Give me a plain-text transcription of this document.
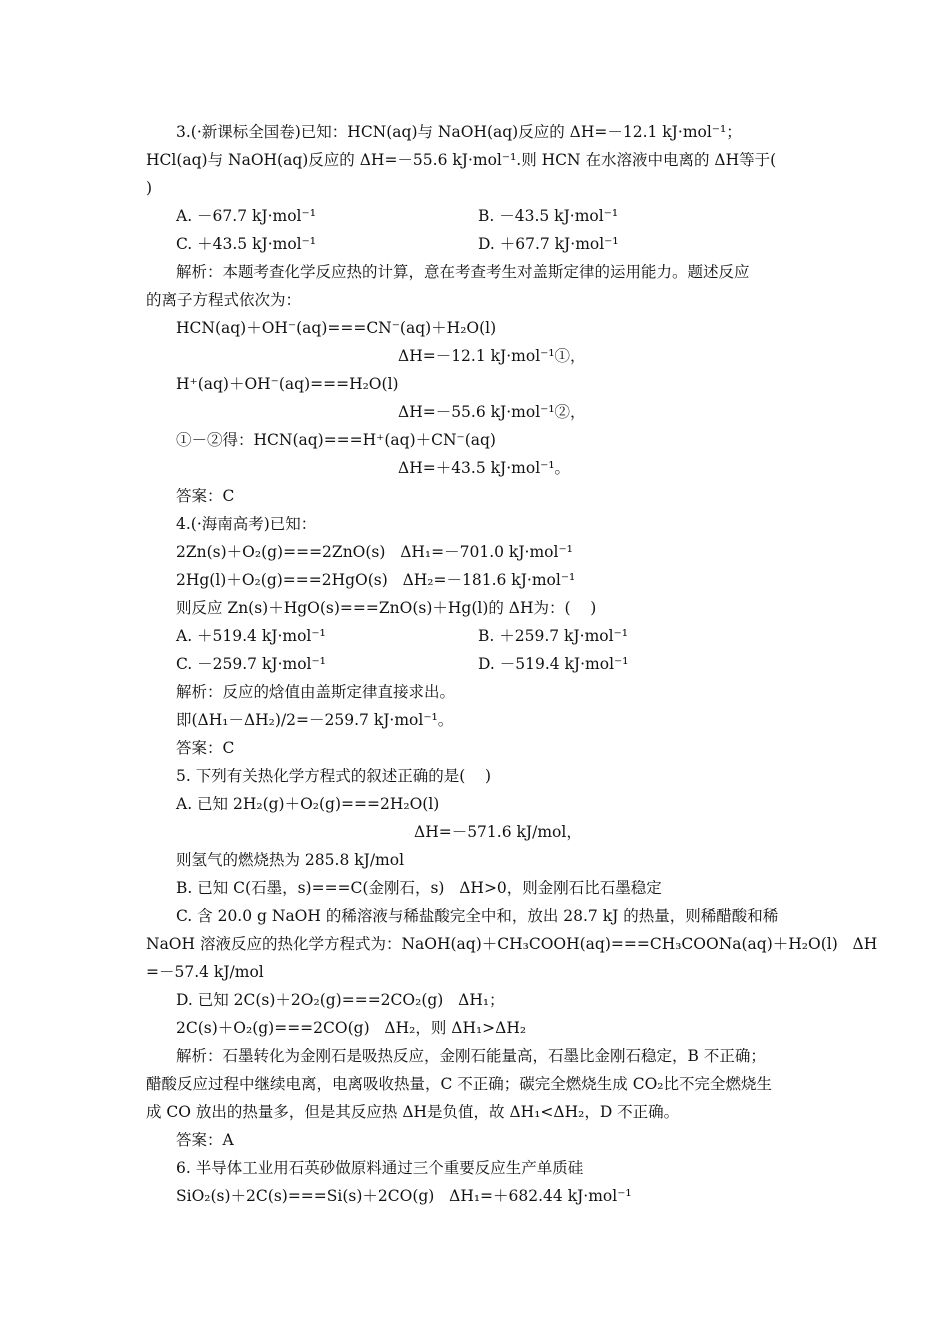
3.(·新课标全国卷)已知：HCN(aq)与 NaOH(aq)反应的 ΔH=－12.1 kJ·mol⁻¹；
HCl(aq)与 NaOH(aq)反应的 ΔH=－55.6 kJ·mol⁻¹.则 HCN 在水溶液中电离的 ΔH等于(
)
A. －67.7 kJ·mol⁻¹	B. －43.5 kJ·mol⁻¹
C. ＋43.5 kJ·mol⁻¹	D. ＋67.7 kJ·mol⁻¹
解析：本题考查化学反应热的计算，意在考查考生对盖斯定律的运用能力。题述反应
的离子方程式依次为：
HCN(aq)＋OH⁻(aq)===CN⁻(aq)＋H₂O(l)
ΔH=－12.1 kJ·mol⁻¹①，
H⁺(aq)＋OH⁻(aq)===H₂O(l)
ΔH=－55.6 kJ·mol⁻¹②，
①－②得：HCN(aq)===H⁺(aq)＋CN⁻(aq)
ΔH=＋43.5 kJ·mol⁻¹。
答案：C
4.(·海南高考)已知：
2Zn(s)＋O₂(g)===2ZnO(s)   ΔH₁=－701.0 kJ·mol⁻¹
2Hg(l)＋O₂(g)===2HgO(s)   ΔH₂=－181.6 kJ·mol⁻¹
则反应 Zn(s)＋HgO(s)===ZnO(s)＋Hg(l)的 ΔH为：(    )
A. ＋519.4 kJ·mol⁻¹	B. ＋259.7 kJ·mol⁻¹
C. －259.7 kJ·mol⁻¹	D. －519.4 kJ·mol⁻¹
解析：反应的焓值由盖斯定律直接求出。
即(ΔH₁－ΔH₂)/2=－259.7 kJ·mol⁻¹。
答案：C
5. 下列有关热化学方程式的叙述正确的是(    )
A. 已知 2H₂(g)＋O₂(g)===2H₂O(l)
ΔH=－571.6 kJ/mol，
则氢气的燃烧热为 285.8 kJ/mol
B. 已知 C(石墨，s)===C(金刚石，s)   ΔH>0，则金刚石比石墨稳定
C. 含 20.0 g NaOH 的稀溶液与稀盐酸完全中和，放出 28.7 kJ 的热量，则稀醋酸和稀
NaOH 溶液反应的热化学方程式为：NaOH(aq)＋CH₃COOH(aq)===CH₃COONa(aq)＋H₂O(l)   ΔH
=－57.4 kJ/mol
D. 已知 2C(s)＋2O₂(g)===2CO₂(g)   ΔH₁；
2C(s)＋O₂(g)===2CO(g)   ΔH₂，则 ΔH₁>ΔH₂
解析：石墨转化为金刚石是吸热反应，金刚石能量高，石墨比金刚石稳定，B 不正确；
醋酸反应过程中继续电离，电离吸收热量，C 不正确；碳完全燃烧生成 CO₂比不完全燃烧生
成 CO 放出的热量多，但是其反应热 ΔH是负值，故 ΔH₁<ΔH₂，D 不正确。
答案：A
6. 半导体工业用石英砂做原料通过三个重要反应生产单质硅
SiO₂(s)＋2C(s)===Si(s)＋2CO(g)   ΔH₁=＋682.44 kJ·mol⁻¹
